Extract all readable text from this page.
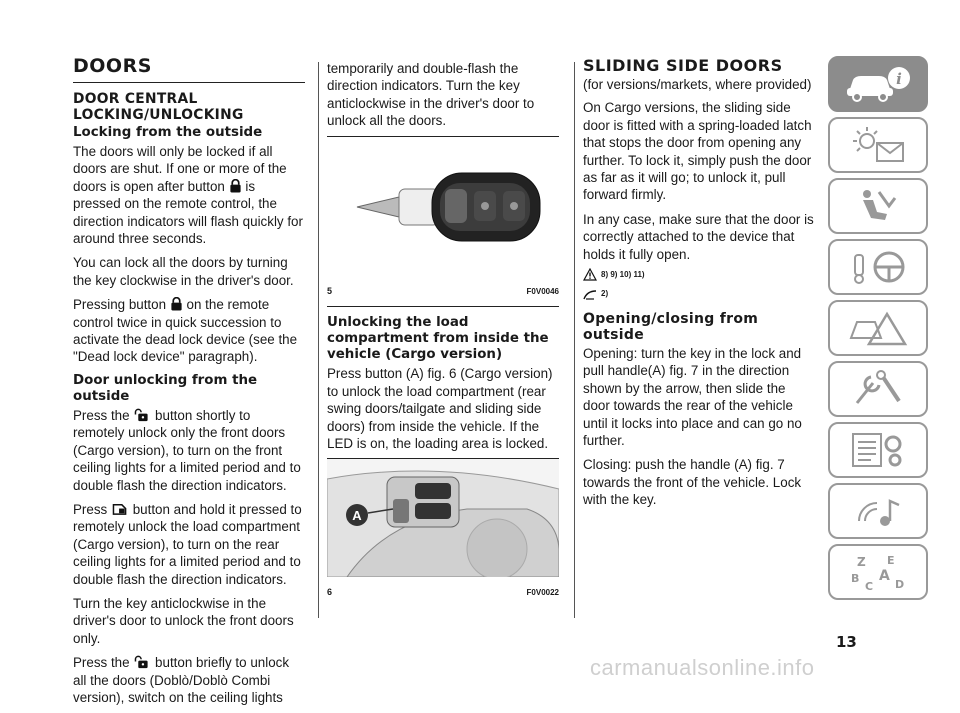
DOORS
DOOR CENTRAL LOCKING/UNLOCKING
Locking from the outside

The doors will only be locked if all doors are shut. If one or more of the doors is open after button is pressed on the remote control, the direction indicators will flash quickly for around three seconds.

You can lock all the doors by turning the key clockwise in the driver's door.

Pressing button on the remote control twice in quick succession to activate the dead lock device (see the "Dead lock device" paragraph).

Door unlocking from the outside

Press the button shortly to remotely unlock only the front doors (Cargo version), to turn on the front ceiling lights for a limited period and to double flash the direction indicators.

Press button and hold it pressed to remotely unlock the load compartment (Cargo version), to turn on the rear ceiling lights for a limited period and to double flash the direction indicators.

Turn the key anticlockwise in the driver's door to unlock the front doors only.

Press the button briefly to unlock all the doors (Doblò/Doblò Combi version), switch on the ceiling lights

temporarily and double-flash the direction indicators. Turn the key anticlockwise in the driver's door to unlock all the doors.

5	F0V0046
Unlocking the load compartment from inside the vehicle (Cargo version)

Press button (A) fig. 6 (Cargo version) to unlock the load compartment (rear swing doors/tailgate and sliding side doors) from inside the vehicle. If the LED is on, the loading area is locked.

A
6	F0V0022
SLIDING SIDE DOORS

(for versions/markets, where provided)

On Cargo versions, the sliding side door is fitted with a spring-loaded latch that stops the door from opening any further. To lock it, simply push the door as far as it will go; to unlock it, pull forward firmly.

In any case, make sure that the door is correctly attached to the device that holds it fully open.

8) 9) 10) 11)
2)
Opening/closing from outside

Opening: turn the key in the lock and pull handle(A) fig. 7 in the direction shown by the arrow, then slide the door towards the rear of the vehicle until it locks into place and can go no further.

Closing: push the handle (A) fig. 7 towards the front of the vehicle. Lock with the key.

i
Z E
B A
C D
13
carmanualsonline.info
